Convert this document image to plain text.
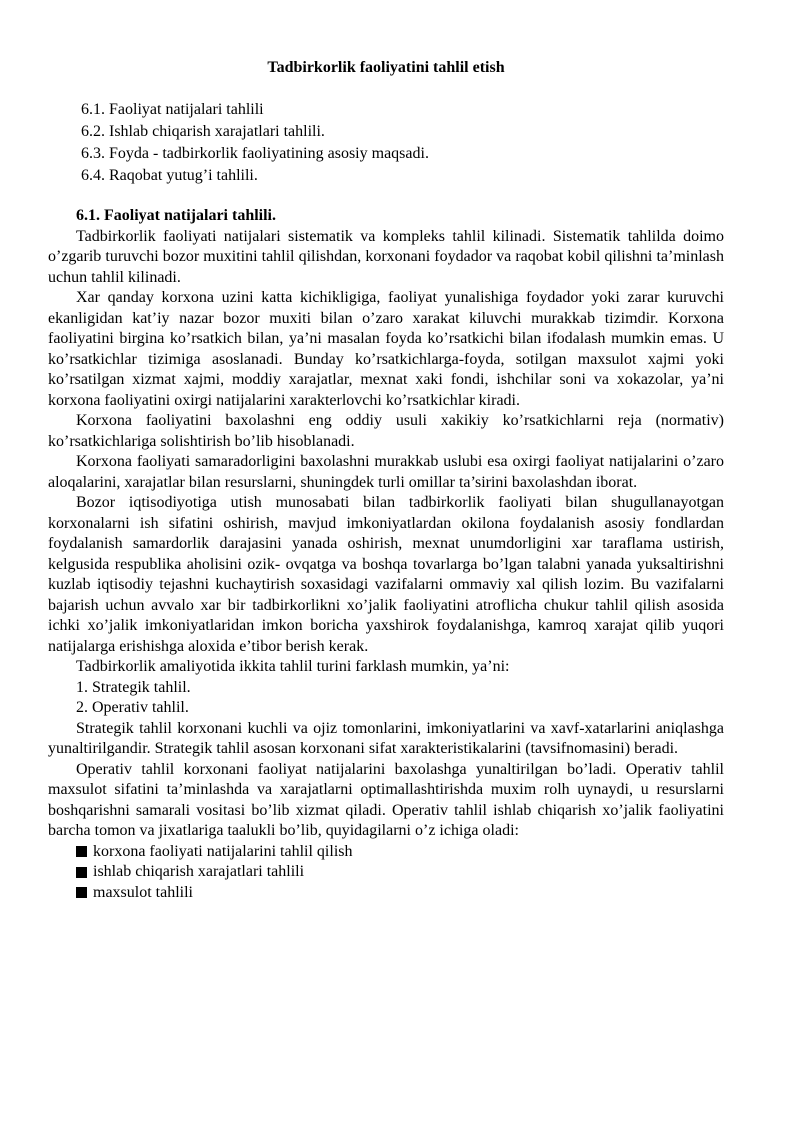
Tadbirkorlik faoliyatini tahlil etish
6.1. Faoliyat natijalari tahlili
6.2. Ishlab chiqarish xarajatlari tahlili.
6.3. Foyda - tadbirkorlik faoliyatining asosiy maqsadi.
6.4. Raqobat yutug’i tahlili.
6.1. Faoliyat natijalari tahlili.

Tadbirkorlik faoliyati natijalari sistematik va kompleks tahlil kilinadi. Sistematik tahlilda doimo o’zgarib turuvchi bozor muxitini tahlil qilishdan, korxonani foydador va raqobat kobil qilishni ta’minlash uchun tahlil kilinadi.

Xar qanday korxona uzini katta kichikligiga, faoliyat yunalishiga foydador yoki zarar kuruvchi ekanligidan kat’iy nazar bozor muxiti bilan o’zaro xarakat kiluvchi murakkab tizimdir. Korxona faoliyatini birgina ko’rsatkich bilan, ya’ni masalan foyda ko’rsatkichi bilan ifodalash mumkin emas. U ko’rsatkichlar tizimiga asoslanadi. Bunday ko’rsatkichlarga-foyda, sotilgan maxsulot xajmi yoki ko’rsatilgan xizmat xajmi, moddiy xarajatlar, mexnat xaki fondi, ishchilar soni va xokazolar, ya’ni korxona faoliyatini oxirgi natijalarini xarakterlovchi ko’rsatkichlar kiradi.

Korxona faoliyatini baxolashni eng oddiy usuli xakikiy ko’rsatkichlarni reja (normativ) ko’rsatkichlariga solishtirish bo’lib hisoblanadi.

Korxona faoliyati samaradorligini baxolashni murakkab uslubi esa oxirgi faoliyat natijalarini o’zaro aloqalarini, xarajatlar bilan resurslarni, shuningdek turli omillar ta’sirini baxolashdan iborat.

Bozor iqtisodiyotiga utish munosabati bilan tadbirkorlik faoliyati bilan shugullanayotgan korxonalarni ish sifatini oshirish, mavjud imkoniyatlardan okilona foydalanish asosiy fondlardan foydalanish samardorlik darajasini yanada oshirish, mexnat unumdorligini xar taraflama ustirish, kelgusida respublika aholisini ozik- ovqatga va boshqa tovarlarga bo’lgan talabni yanada yuksaltirishni kuzlab iqtisodiy tejashni kuchaytirish soxasidagi vazifalarni ommaviy xal qilish lozim. Bu vazifalarni bajarish uchun avvalo xar bir tadbirkorlikni xo’jalik faoliyatini atroflicha chukur tahlil qilish asosida ichki xo’jalik imkoniyatlaridan imkon boricha yaxshirok foydalanishga, kamroq xarajat qilib yuqori natijalarga erishishga aloxida e’tibor berish kerak.

Tadbirkorlik amaliyotida ikkita tahlil turini farklash mumkin, ya’ni:

1. Strategik tahlil.
2. Operativ tahlil.

Strategik tahlil korxonani kuchli va ojiz tomonlarini, imkoniyatlarini va xavf-xatarlarini aniqlashga yunaltirilgandir. Strategik tahlil asosan korxonani sifat xarakteristikalarini (tavsifnomasini) beradi.

Operativ tahlil korxonani faoliyat natijalarini baxolashga yunaltirilgan bo’ladi. Operativ tahlil maxsulot sifatini ta’minlashda va xarajatlarni optimallashtirishda muxim rolh uynaydi, u resurslarni boshqarishni samarali vositasi bo’lib xizmat qiladi. Operativ tahlil ishlab chiqarish xo’jalik faoliyatini barcha tomon va jixatlariga taalukli bo’lib, quyidagilarni o’z ichiga oladi:

korxona faoliyati natijalarini tahlil qilish
ishlab chiqarish xarajatlari tahlili
maxsulot tahlili
